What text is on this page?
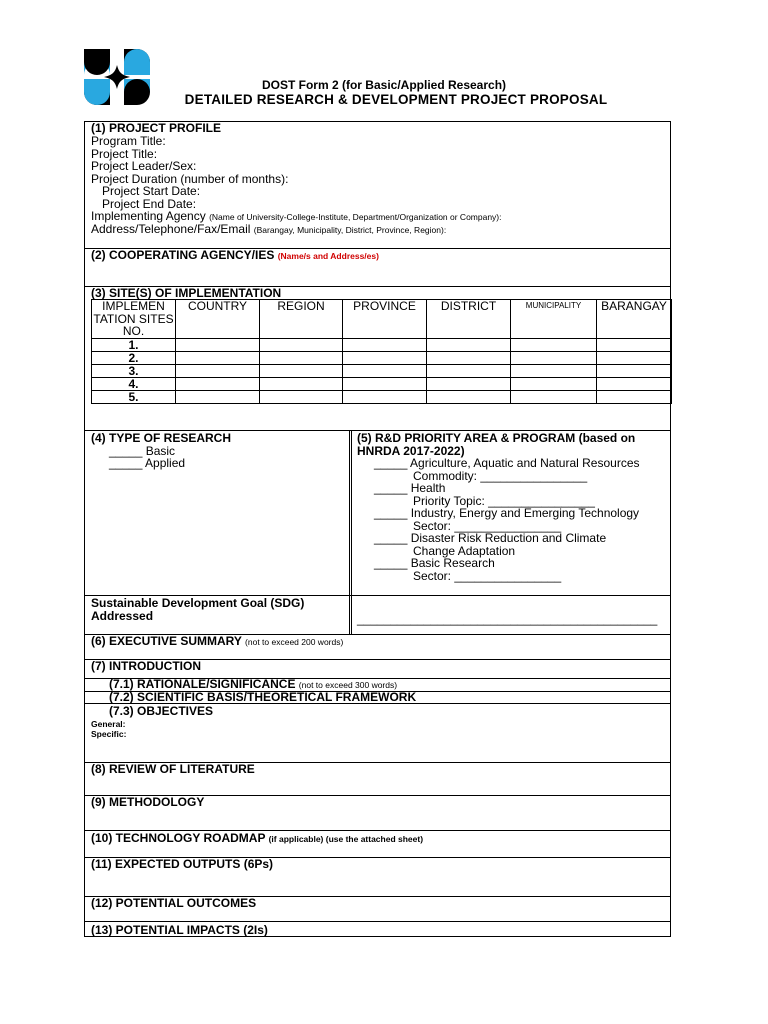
DOST Form 2 (for Basic/Applied Research)
DETAILED RESEARCH & DEVELOPMENT PROJECT PROPOSAL
(1) PROJECT PROFILE
Program Title:
Project Title:
Project Leader/Sex:
Project Duration (number of months):
Project Start Date:
Project End Date:
Implementing Agency (Name of University-College-Institute, Department/Organization or Company):
Address/Telephone/Fax/Email (Barangay, Municipality, District, Province, Region):
(2) COOPERATING AGENCY/IES (Name/s and Address/es)
(3) SITE(S) OF IMPLEMENTATION
IMPLEMEN TATION SITES NO.	COUNTRY	REGION	PROVINCE	DISTRICT	MUNICIPALITY	BARANGAY
1.						
2.						
3.						
4.						
5.						
(4) TYPE OF RESEARCH
_____ Basic
_____ Applied
(5) R&D PRIORITY AREA & PROGRAM (based on
HNRDA 2017-2022)
_____ Agriculture, Aquatic and Natural Resources
Commodity: ________________
_____ Health
Priority Topic: ________________
_____ Industry, Energy and Emerging Technology
Sector: ________________
_____ Disaster Risk Reduction and Climate
Change Adaptation
_____ Basic Research
Sector: ________________
Sustainable Development Goal (SDG)
Addressed	_____________________________________________
(6) EXECUTIVE SUMMARY (not to exceed 200 words)
(7) INTRODUCTION
(7.1) RATIONALE/SIGNIFICANCE (not to exceed 300 words)
(7.2) SCIENTIFIC BASIS/THEORETICAL FRAMEWORK
(7.3) OBJECTIVES
General:
Specific:
(8) REVIEW OF LITERATURE
(9) METHODOLOGY
(10) TECHNOLOGY ROADMAP (if applicable) (use the attached sheet)
(11) EXPECTED OUTPUTS (6Ps)
(12) POTENTIAL OUTCOMES
(13) POTENTIAL IMPACTS (2Is)
